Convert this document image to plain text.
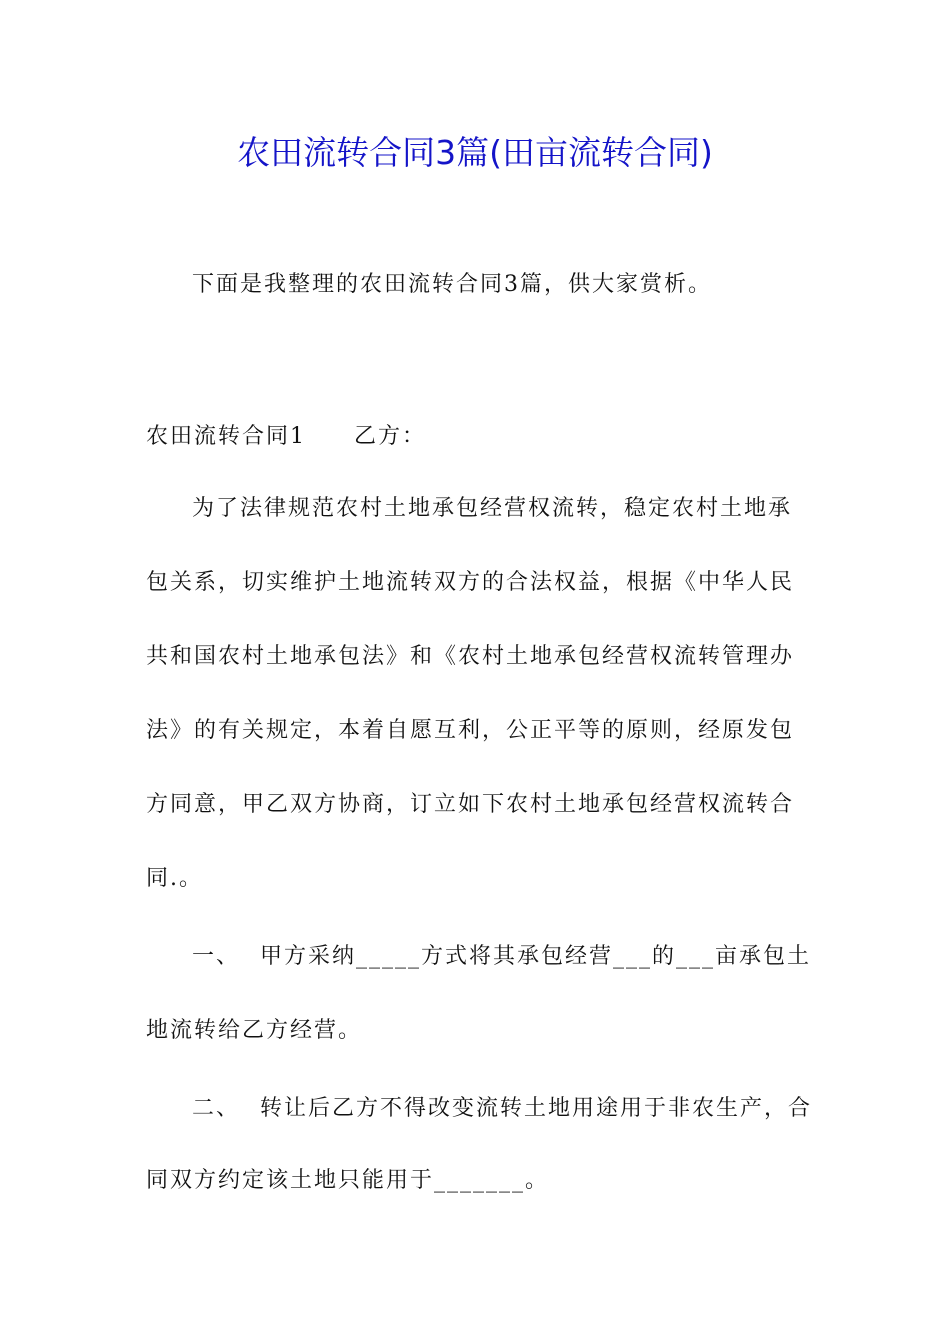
农田流转合同3篇(田亩流转合同)
下面是我整理的农田流转合同3篇，供大家赏析。
农田流转合同1 乙方：
为了法律规范农村土地承包经营权流转，稳定农村土地承
包关系，切实维护土地流转双方的合法权益，根据《中华人民
共和国农村土地承包法》和《农村土地承包经营权流转管理办
法》的有关规定，本着自愿互利，公正平等的原则，经原发包
方同意，甲乙双方协商，订立如下农村土地承包经营权流转合
同.。
一、 甲方采纳_____方式将其承包经营___的___亩承包土
地流转给乙方经营。
二、 转让后乙方不得改变流转土地用途用于非农生产，合
同双方约定该土地只能用于_______。
